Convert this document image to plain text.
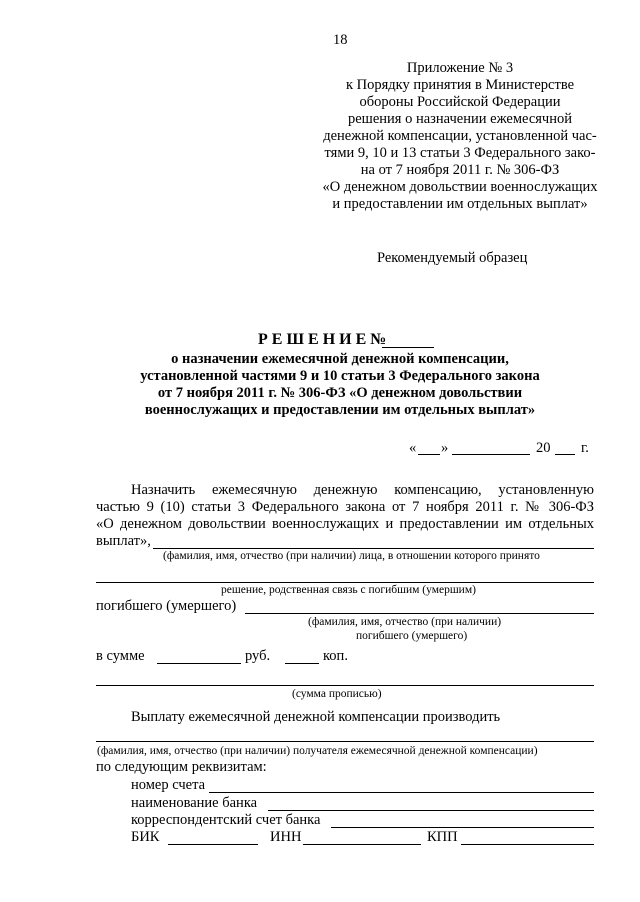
18
Приложение № 3
к Порядку принятия в Министерстве
обороны Российской Федерации
решения о назначении ежемесячной
денежной компенсации, установленной час-
тями 9, 10 и 13 статьи 3 Федерального зако-
на от 7 ноября 2011 г. № 306-ФЗ
«О денежном довольствии военнослужащих
и предоставлении им отдельных выплат»
Рекомендуемый образец
Р Е Ш Е Н И Е №
о назначении ежемесячной денежной компенсации,
установленной частями 9 и 10 статьи 3 Федерального закона
от 7 ноября 2011 г. № 306-ФЗ «О денежном довольствии
военнослужащих и предоставлении им отдельных выплат»
« »	20 г.
Назначить ежемесячную денежную компенсацию, установленную
частью 9 (10) статьи 3 Федерального закона от 7 ноября 2011 г. № 306-ФЗ
«О денежном довольствии военнослужащих и предоставлении им отдельных
выплат»,
(фамилия, имя, отчество (при наличии) лица, в отношении которого принято
решение, родственная связь с погибшим (умершим)
погибшего (умершего)
(фамилия, имя, отчество (при наличии)
погибшего (умершего)
в сумме	руб.	коп.
(сумма прописью)
Выплату ежемесячной денежной компенсации производить
(фамилия, имя, отчество (при наличии) получателя ежемесячной денежной компенсации)
по следующим реквизитам:
номер счета
наименование банка
корреспондентский счет банка
БИК	ИНН	КПП
